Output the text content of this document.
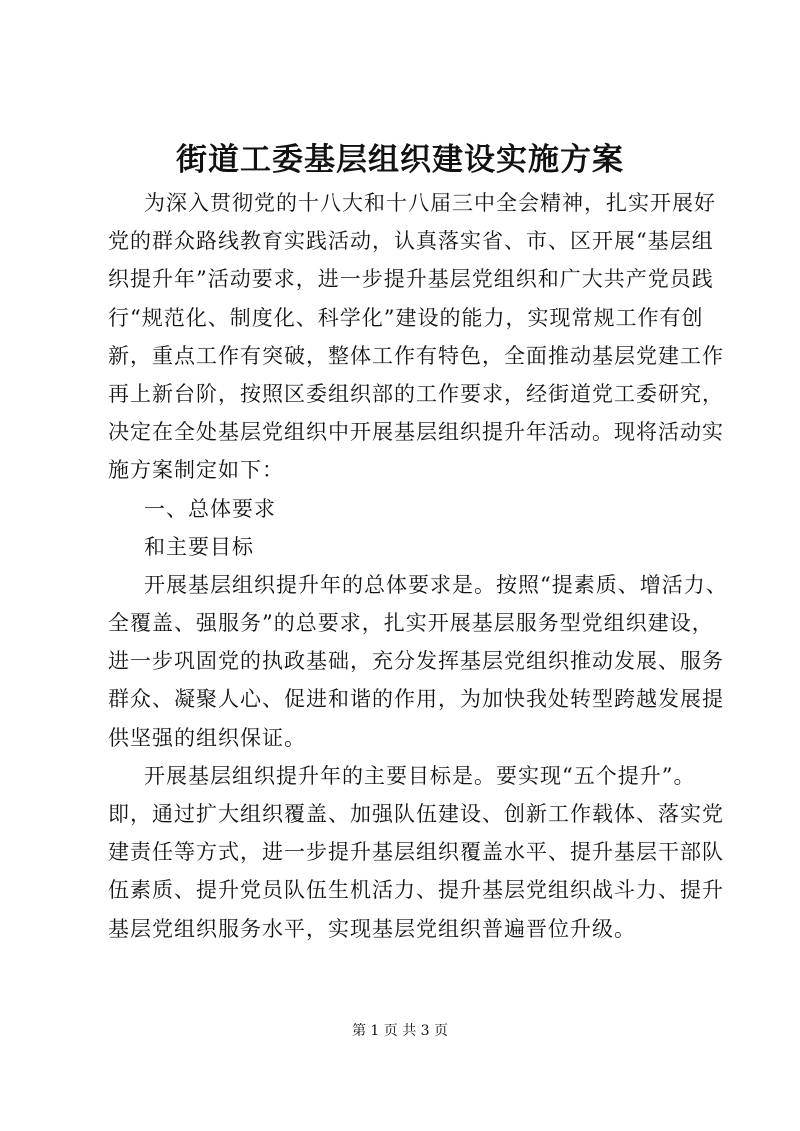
街道工委基层组织建设实施方案
为深入贯彻党的十八大和十八届三中全会精神，扎实开展好
党的群众路线教育实践活动，认真落实省、市、区开展“基层组
织提升年”活动要求，进一步提升基层党组织和广大共产党员践
行“规范化、制度化、科学化”建设的能力，实现常规工作有创
新，重点工作有突破，整体工作有特色，全面推动基层党建工作
再上新台阶，按照区委组织部的工作要求，经街道党工委研究，
决定在全处基层党组织中开展基层组织提升年活动。现将活动实
施方案制定如下：
一、总体要求
和主要目标
开展基层组织提升年的总体要求是。按照“提素质、增活力、
全覆盖、强服务”的总要求，扎实开展基层服务型党组织建设，
进一步巩固党的执政基础，充分发挥基层党组织推动发展、服务
群众、凝聚人心、促进和谐的作用，为加快我处转型跨越发展提
供坚强的组织保证。
开展基层组织提升年的主要目标是。要实现“五个提升”。
即，通过扩大组织覆盖、加强队伍建设、创新工作载体、落实党
建责任等方式，进一步提升基层组织覆盖水平、提升基层干部队
伍素质、提升党员队伍生机活力、提升基层党组织战斗力、提升
基层党组织服务水平，实现基层党组织普遍晋位升级。
第 1 页 共 3 页
